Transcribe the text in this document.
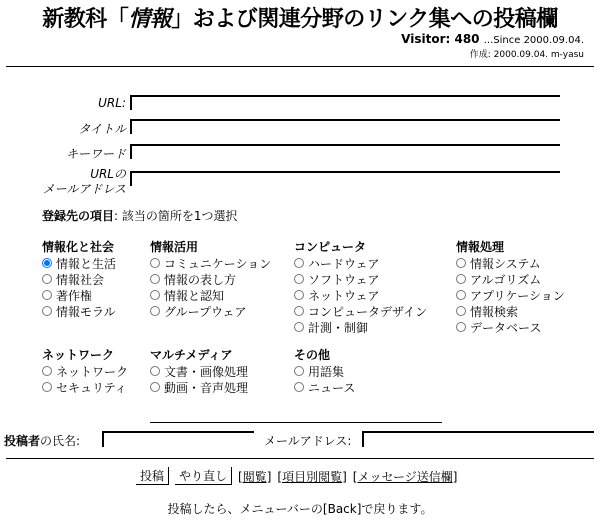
新教科「情報」および関連分野のリンク集への投稿欄
Visitor: 480 ...Since 2000.09.04.
作成: 2000.09.04. m-yasu
URL:
タイトル
キーワード
URLの
メールアドレス
登録先の項目: 該当の箇所を1つ選択
情報化と社会
情報と生活
情報社会
著作権
情報モラル
情報活用
コミュニケーション
情報の表し方
情報と認知
グループウェア
コンピュータ
ハードウェア
ソフトウェア
ネットウェア
コンピュータデザイン
計測・制御
情報処理
情報システム
アルゴリズム
アプリケーション
情報検索
データベース
ネットワーク
ネットワーク
セキュリティ
マルチメディア
文書・画像処理
動画・音声処理
その他
用語集
ニュース
投稿者の氏名:	メールアドレス:
投稿	やり直し [閲覧] [項目別閲覧] [メッセージ送信欄]
投稿したら、メニューバーの[Back]で戻ります。
